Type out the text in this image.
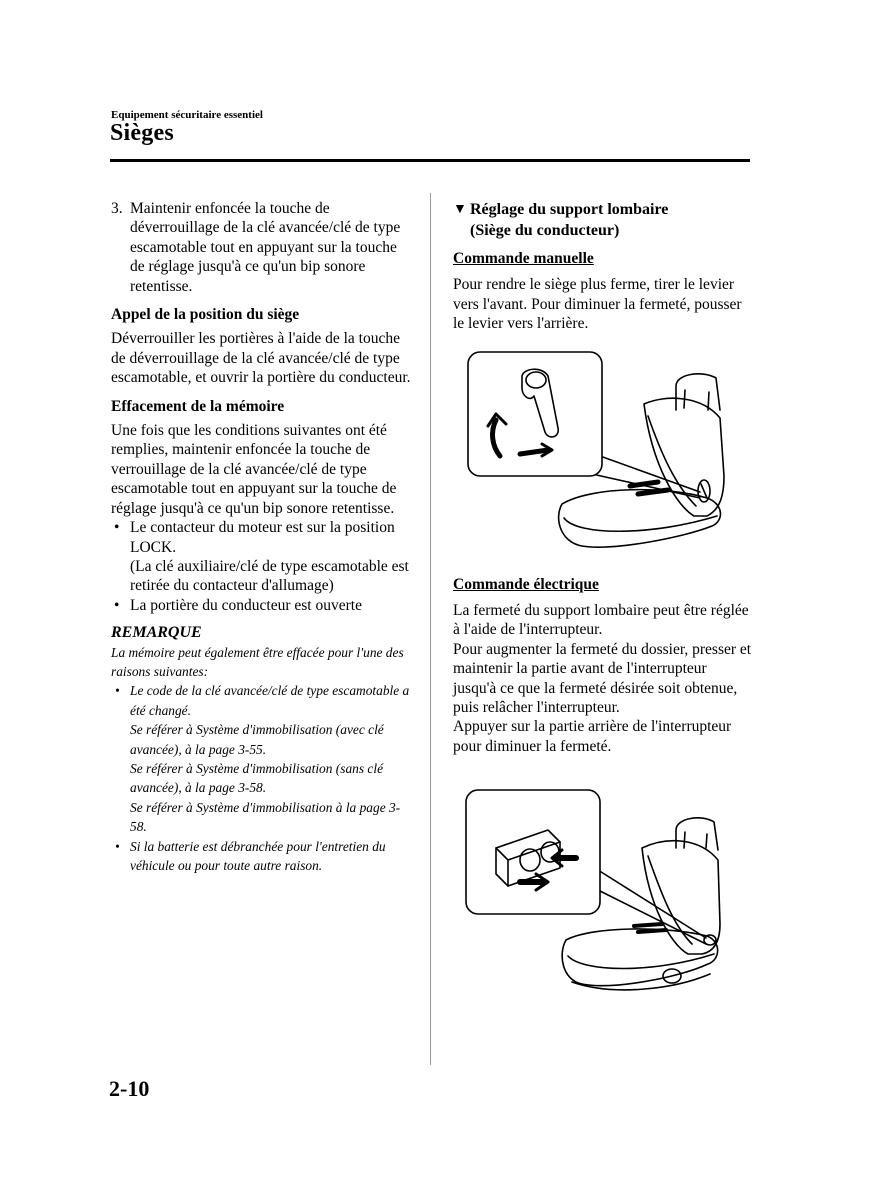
Equipement sécuritaire essentiel
Sièges
3. Maintenir enfoncée la touche de déverrouillage de la clé avancée/clé de type escamotable tout en appuyant sur la touche de réglage jusqu'à ce qu'un bip sonore retentisse.

Appel de la position du siège

Déverrouiller les portières à l'aide de la touche de déverrouillage de la clé avancée/clé de type escamotable, et ouvrir la portière du conducteur.

Effacement de la mémoire

Une fois que les conditions suivantes ont été remplies, maintenir enfoncée la touche de verrouillage de la clé avancée/clé de type escamotable tout en appuyant sur la touche de réglage jusqu'à ce qu'un bip sonore retentisse.

• Le contacteur du moteur est sur la position LOCK.
(La clé auxiliaire/clé de type escamotable est retirée du contacteur d'allumage)
• La portière du conducteur est ouverte

REMARQUE

La mémoire peut également être effacée pour l'une des raisons suivantes:

• Le code de la clé avancée/clé de type escamotable a été changé.
Se référer à Système d'immobilisation (avec clé avancée), à la page 3-55.
Se référer à Système d'immobilisation (sans clé avancée), à la page 3-58.
Se référer à Système d'immobilisation à la page 3-58.
• Si la batterie est débranchée pour l'entretien du véhicule ou pour toute autre raison.
▼ Réglage du support lombaire
(Siège du conducteur)

Commande manuelle

Pour rendre le siège plus ferme, tirer le levier vers l'avant. Pour diminuer la fermeté, pousser le levier vers l'arrière.

Commande électrique

La fermeté du support lombaire peut être réglée à l'aide de l'interrupteur.

Pour augmenter la fermeté du dossier, presser et maintenir la partie avant de l'interrupteur jusqu'à ce que la fermeté désirée soit obtenue, puis relâcher l'interrupteur.

Appuyer sur la partie arrière de l'interrupteur pour diminuer la fermeté.

2-10
